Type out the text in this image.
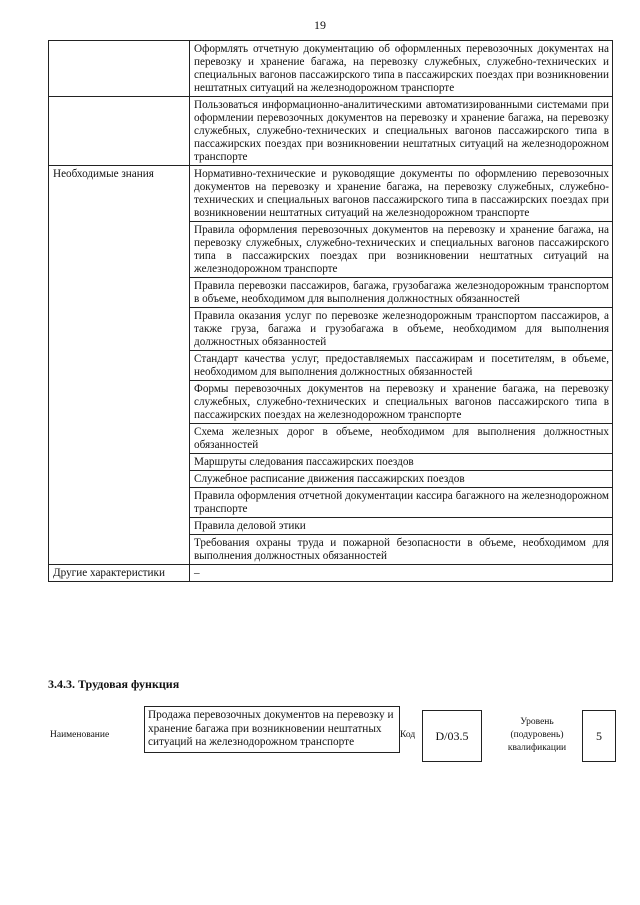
19
	Оформлять отчетную документацию об оформленных перевозочных документах на перевозку и хранение багажа, на перевозку служебных, служебно-технических и специальных вагонов пассажирского типа в пассажирских поездах при возникновении нештатных ситуаций на железнодорожном транспорте
	Пользоваться информационно-аналитическими автоматизированными системами при оформлении перевозочных документов на перевозку и хранение багажа, на перевозку служебных, служебно-технических и специальных вагонов пассажирского типа в пассажирских поездах при возникновении нештатных ситуаций на железнодорожном транспорте
Необходимые знания	Нормативно-технические и руководящие документы по оформлению перевозочных документов на перевозку и хранение багажа, на перевозку служебных, служебно-технических и специальных вагонов пассажирского типа в пассажирских поездах при возникновении нештатных ситуаций на железнодорожном транспорте
	Правила оформления перевозочных документов на перевозку и хранение багажа, на перевозку служебных, служебно-технических и специальных вагонов пассажирского типа в пассажирских поездах при возникновении нештатных ситуаций на железнодорожном транспорте
	Правила перевозки пассажиров, багажа, грузобагажа железнодорожным транспортом в объеме, необходимом для выполнения должностных обязанностей
	Правила оказания услуг по перевозке железнодорожным транспортом пассажиров, а также груза, багажа и грузобагажа в объеме, необходимом для выполнения должностных обязанностей
	Стандарт качества услуг, предоставляемых пассажирам и посетителям, в объеме, необходимом для выполнения должностных обязанностей
	Формы перевозочных документов на перевозку и хранение багажа, на перевозку служебных, служебно-технических и специальных вагонов пассажирского типа в пассажирских поездах на железнодорожном транспорте
	Схема железных дорог в объеме, необходимом для выполнения должностных обязанностей
	Маршруты следования пассажирских поездов
	Служебное расписание движения пассажирских поездов
	Правила оформления отчетной документации кассира багажного на железнодорожном транспорте
	Правила деловой этики
	Требования охраны труда и пожарной безопасности в объеме, необходимом для выполнения должностных обязанностей
Другие характеристики	–
3.4.3. Трудовая функция
Наименование
Продажа перевозочных документов на перевозку и хранение багажа при возникновении нештатных ситуаций на железнодорожном транспорте
Код	D/03.5
Уровень (подуровень) квалификации
5
